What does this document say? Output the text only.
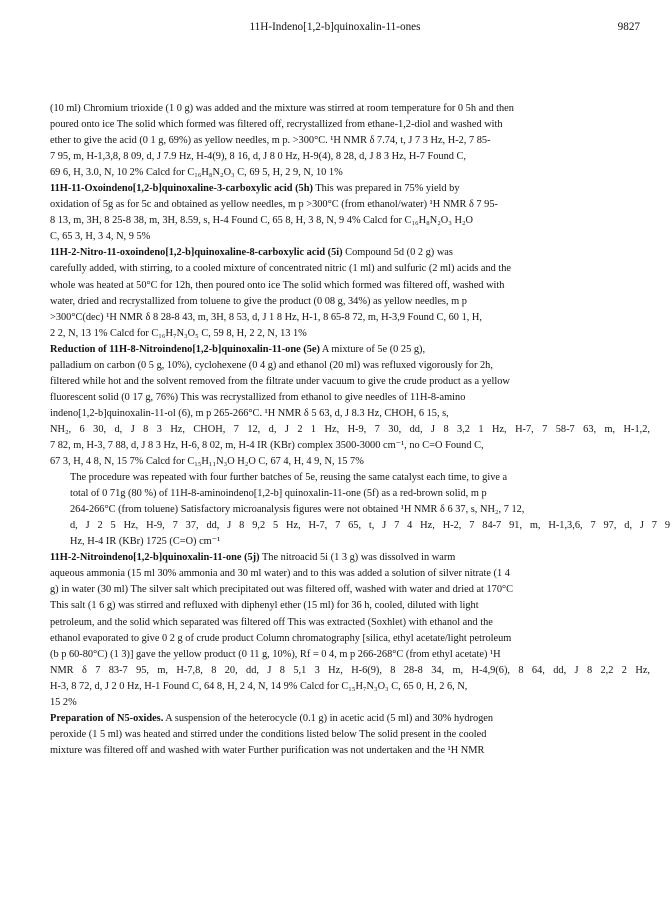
11H-Indeno[1,2-b]quinoxalin-11-ones	9827
(10 ml) Chromium trioxide (1 0 g) was added and the mixture was stirred at room temperature for 0 5h and then
poured onto ice The solid which formed was filtered off, recrystallized from ethane-1,2-diol and washed with
ether to give the acid (0 1 g, 69%) as yellow needles, m p. >300°C. ¹H NMR δ 7.74, t, J 7 3 Hz, H-2, 7 85-
7 95, m, H-1,3,8, 8 09, d, J 7.9 Hz, H-4(9), 8 16, d, J 8 0 Hz, H-9(4), 8 28, d, J 8 3 Hz, H-7 Found C,
69 6, H, 3.0, N, 10 2% Calcd for C₁₆H₈N₂O₃ C, 69 5, H, 2 9, N, 10 1%
11H-11-Oxoindeno[1,2-b]quinoxaline-3-carboxylic acid (5h) This was prepared in 75% yield by
oxidation of 5g as for 5c and obtained as yellow needles, m p >300°C (from ethanol/water) ¹H NMR δ 7 95-
8 13, m, 3H, 8 25-8 38, m, 3H, 8.59, s, H-4 Found C, 65 8, H, 3 8, N, 9 4% Calcd for C₁₆H₈N₂O₃ H₂O
C, 65 3, H, 3 4, N, 9 5%
11H-2-Nitro-11-oxoindeno[1,2-b]quinoxaline-8-carboxylic acid (5i) Compound 5d (0 2 g) was
carefully added, with stirring, to a cooled mixture of concentrated nitric (1 ml) and sulfuric (2 ml) acids and the
whole was heated at 50°C for 12h, then poured onto ice The solid which formed was filtered off, washed with
water, dried and recrystallized from toluene to give the product (0 08 g, 34%) as yellow needles, m p
>300°C(dec) ¹H NMR δ 8 28-8 43, m, 3H, 8 53, d, J 1 8 Hz, H-1, 8 65-8 72, m, H-3,9 Found C, 60 1, H,
2 2, N, 13 1% Calcd for C₁₆H₇N₃O₅ C, 59 8, H, 2 2, N, 13 1%
Reduction of 11H-8-Nitroindeno[1,2-b]quinoxalin-11-one (5e) A mixture of 5e (0 25 g),
palladium on carbon (0 5 g, 10%), cyclohexene (0 4 g) and ethanol (20 ml) was refluxed vigorously for 2h,
filtered while hot and the solvent removed from the filtrate under vacuum to give the crude product as a yellow
fluorescent solid (0 17 g, 76%) This was recrystallized from ethanol to give needles of 11H-8-amino
indeno[1,2-b]quinoxalin-11-ol (6), m p 265-266°C. ¹H NMR δ 5 63, d, J 8.3 Hz, CHOH, 6 15, s,
NH₂, 6 30, d, J 8 3 Hz, CHOH, 7 12, d, J 2 1 Hz, H-9, 7 30, dd, J 8 3,2 1 Hz, H-7, 7 58-7 63, m, H-1,2,
7 82, m, H-3, 7 88, d, J 8 3 Hz, H-6, 8 02, m, H-4 IR (KBr) complex 3500-3000 cm⁻¹, no C=O Found C,
67 3, H, 4 8, N, 15 7% Calcd for C₁₅H₁₁N₃O H₂O C, 67 4, H, 4 9, N, 15 7%
The procedure was repeated with four further batches of 5e, reusing the same catalyst each time, to give a
total of 0 71g (80 %) of 11H-8-aminoindeno[1,2-b] quinoxalin-11-one (5f) as a red-brown solid, m p
264-266°C (from toluene) Satisfactory microanalysis figures were not obtained ¹H NMR δ 6 37, s, NH₂, 7 12,
d, J 2 5 Hz, H-9, 7 37, dd, J 8 9,2 5 Hz, H-7, 7 65, t, J 7 4 Hz, H-2, 7 84-7 91, m, H-1,3,6, 7 97, d, J 7 9
Hz, H-4 IR (KBr) 1725 (C=O) cm⁻¹
11H-2-Nitroindeno[1,2-b]quinoxalin-11-one (5j) The nitroacid 5i (1 3 g) was dissolved in warm
aqueous ammonia (15 ml 30% ammonia and 30 ml water) and to this was added a solution of silver nitrate (1 4
g) in water (30 ml) The silver salt which precipitated out was filtered off, washed with water and dried at 170°C
This salt (1 6 g) was stirred and refluxed with diphenyl ether (15 ml) for 36 h, cooled, diluted with light
petroleum, and the solid which separated was filtered off This was extracted (Soxhlet) with ethanol and the
ethanol evaporated to give 0 2 g of crude product Column chromatography [silica, ethyl acetate/light petroleum
(b p 60-80°C) (1 3)] gave the yellow product (0 11 g, 10%), Rf = 0 4, m p 266-268°C (from ethyl acetate) ¹H
NMR δ 7 83-7 95, m, H-7,8, 8 20, dd, J 8 5,1 3 Hz, H-6(9), 8 28-8 34, m, H-4,9(6), 8 64, dd, J 8 2,2 2 Hz,
H-3, 8 72, d, J 2 0 Hz, H-1 Found C, 64 8, H, 2 4, N, 14 9% Calcd for C₁₅H₇N₃O₃ C, 65 0, H, 2 6, N,
15 2%
Preparation of N5-oxides. A suspension of the heterocycle (0.1 g) in acetic acid (5 ml) and 30% hydrogen
peroxide (1 5 ml) was heated and stirred under the conditions listed below The solid present in the cooled
mixture was filtered off and washed with water Further purification was not undertaken and the ¹H NMR
